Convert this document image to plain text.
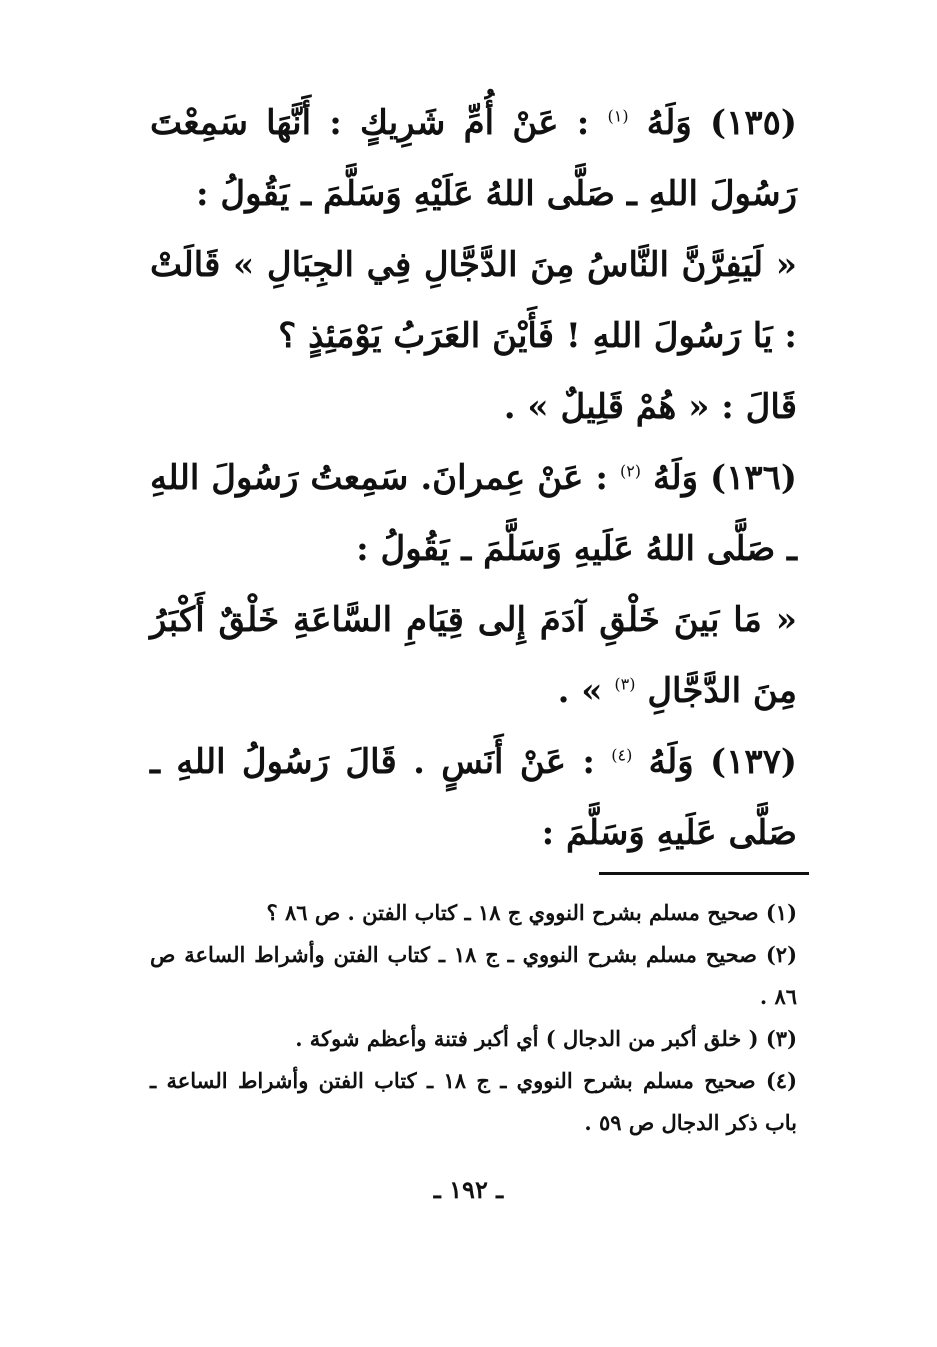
(١٣٥) وَلَهُ $^{(١)}$ : عَنْ أُمِّ شَرِيكٍ : أَنَّهَا سَمِعْتَ رَسُولَ اللهِ ـ صَلَّى اللهُ عَلَيْهِ وَسَلَّمَ ـ يَقُولُ :

« لَيَفِرَّنَّ النَّاسُ مِنَ الدَّجَّالِ فِي الجِبَالِ » قَالَتْ : يَا رَسُولَ اللهِ ! فَأَيْنَ العَرَبُ يَوْمَئِذٍ ؟

قَالَ : « هُمْ قَلِيلٌ » .

(١٣٦) وَلَهُ $^{(٢)}$ : عَنْ عِمرانَ. سَمِعتُ رَسُولَ اللهِ ـ صَلَّى اللهُ عَلَيهِ وَسَلَّمَ ـ يَقُولُ :

« مَا بَينَ خَلْقِ آدَمَ إِلى قِيَامِ السَّاعَةِ خَلْقٌ أَكْبَرُ مِنَ الدَّجَّالِ $^{(٣)}$ » .

(١٣٧) وَلَهُ $^{(٤)}$ : عَنْ أَنَسٍ . قَالَ رَسُولُ اللهِ ـ صَلَّى عَلَيهِ وَسَلَّمَ :

(١) صحيح مسلم بشرح النووي ج ١٨ ـ كتاب الفتن . ص ٨٦ ؟

(٢) صحيح مسلم بشرح النووي ـ ج ١٨ ـ كتاب الفتن وأشراط الساعة ص ٨٦ .

(٣) ( خلق أكبر من الدجال ) أي أكبر فتنة وأعظم شوكة .

(٤) صحيح مسلم بشرح النووي ـ ج ١٨ ـ كتاب الفتن وأشراط الساعة ـ باب ذكر الدجال ص ٥٩ .

ـ ١٩٢ ـ
